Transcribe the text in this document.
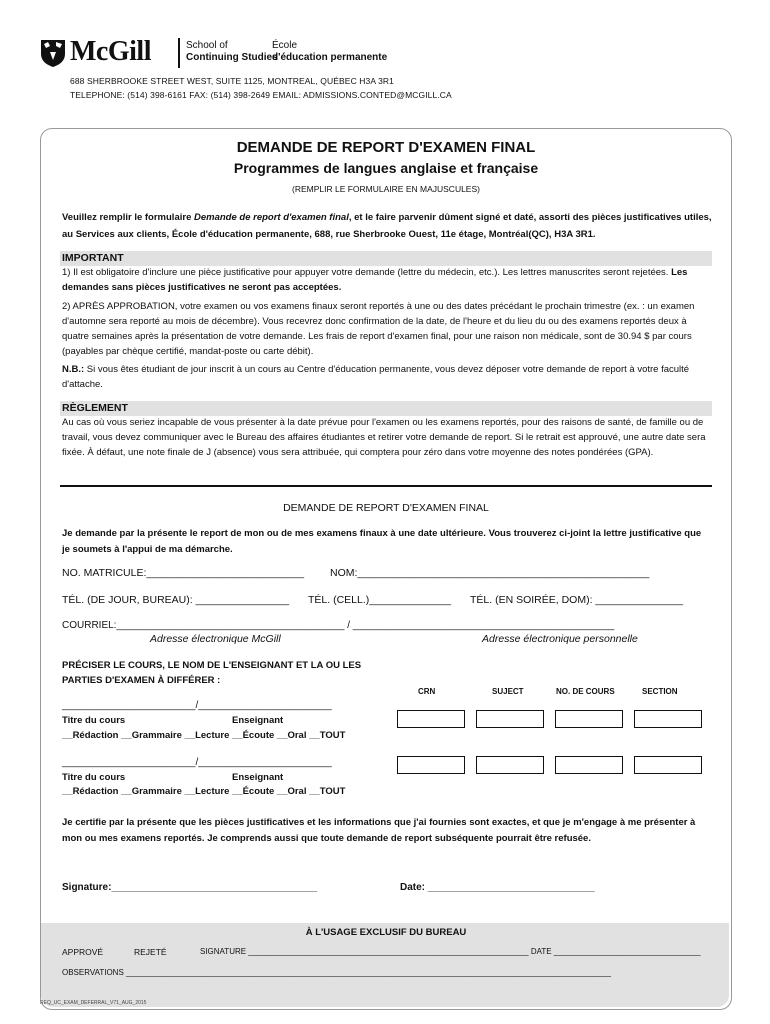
McGill	School of
Continuing Studies
École
d'éducation permanente
688 SHERBROOKE STREET WEST, SUITE 1125, MONTREAL, QUÉBEC H3A 3R1
TELEPHONE: (514) 398-6161 FAX: (514) 398-2649 EMAIL: ADMISSIONS.CONTED@MCGILL.CA
DEMANDE DE REPORT D'EXAMEN FINAL
Programmes de langues anglaise et française
(REMPLIR LE FORMULAIRE EN MAJUSCULES)
Veuillez remplir le formulaire Demande de report d'examen final, et le faire parvenir dûment signé et daté, assorti des pièces justificatives utiles, au Services aux clients, École d'éducation permanente, 688, rue Sherbrooke Ouest, 11e étage, Montréal(QC), H3A 3R1.
IMPORTANT
1) Il est obligatoire d'inclure une pièce justificative pour appuyer votre demande (lettre du médecin, etc.). Les lettres manuscrites seront rejetées. Les demandes sans pièces justificatives ne seront pas acceptées.
2) APRÈS APPROBATION, votre examen ou vos examens finaux seront reportés à une ou des dates précédant le prochain trimestre (ex. : un examen d'automne sera reporté au mois de décembre). Vous recevrez donc confirmation de la date, de l'heure et du lieu du ou des examens reportés deux à quatre semaines après la présentation de votre demande. Les frais de report d'examen final, pour une raison non médicale, sont de 30.94 $ par cours (payables par chèque certifié, mandat-poste ou carte débit).
N.B.: Si vous êtes étudiant de jour inscrit à un cours au Centre d'éducation permanente, vous devez déposer votre demande de report à votre faculté d'attache.
RÈGLEMENT
Au cas où vous seriez incapable de vous présenter à la date prévue pour l'examen ou les examens reportés, pour des raisons de santé, de famille ou de travail, vous devez communiquer avec le Bureau des affaires étudiantes et retirer votre demande de report. Si le retrait est approuvé, une autre date sera fixée. À défaut, une note finale de J (absence) vous sera attribuée, qui comptera pour zéro dans votre moyenne des notes pondérées (GPA).
DEMANDE DE REPORT D'EXAMEN FINAL
Je demande par la présente le report de mon ou de mes examens finaux à une date ultérieure. Vous trouverez ci-joint la lettre justificative que je soumets à l'appui de ma démarche.
NO. MATRICULE:___________________________ NOM:__________________________________________________
TÉL. (DE JOUR, BUREAU): ________________ TÉL. (CELL.)______________ TÉL. (EN SOIRÉE, DOM): _______________
COURRIEL:_________________________________________ / _______________________________________________
Adresse électronique McGill	Adresse électronique personnelle
PRÉCISER LE COURS, LE NOM DE L'ENSEIGNANT ET LA OU LES PARTIES D'EXAMEN À DIFFÉRER :
CRN	SUJECT	NO. DE COURS	SECTION
________________________/________________________
Titre du cours	Enseignant
__Rédaction __Grammaire __Lecture __Écoute __Oral __TOUT
________________________/________________________
Titre du cours	Enseignant
__Rédaction __Grammaire __Lecture __Écoute __Oral __TOUT
Je certifie par la présente que les pièces justificatives et les informations que j'ai fournies sont exactes, et que je m'engage à me présenter à mon ou mes examens reportés. Je comprends aussi que toute demande de report subséquente pourrait être refusée.
Signature:_____________________________________	Date: ______________________________
À L'USAGE EXCLUSIF DU BUREAU
APPROVÉ	REJETÉ	SIGNATURE _______________________________________________________________ DATE _________________________________
OBSERVATIONS _____________________________________________________________________________________________________________
REQ_UC_EXAM_DEFERRAL_V71_AUG_2015
